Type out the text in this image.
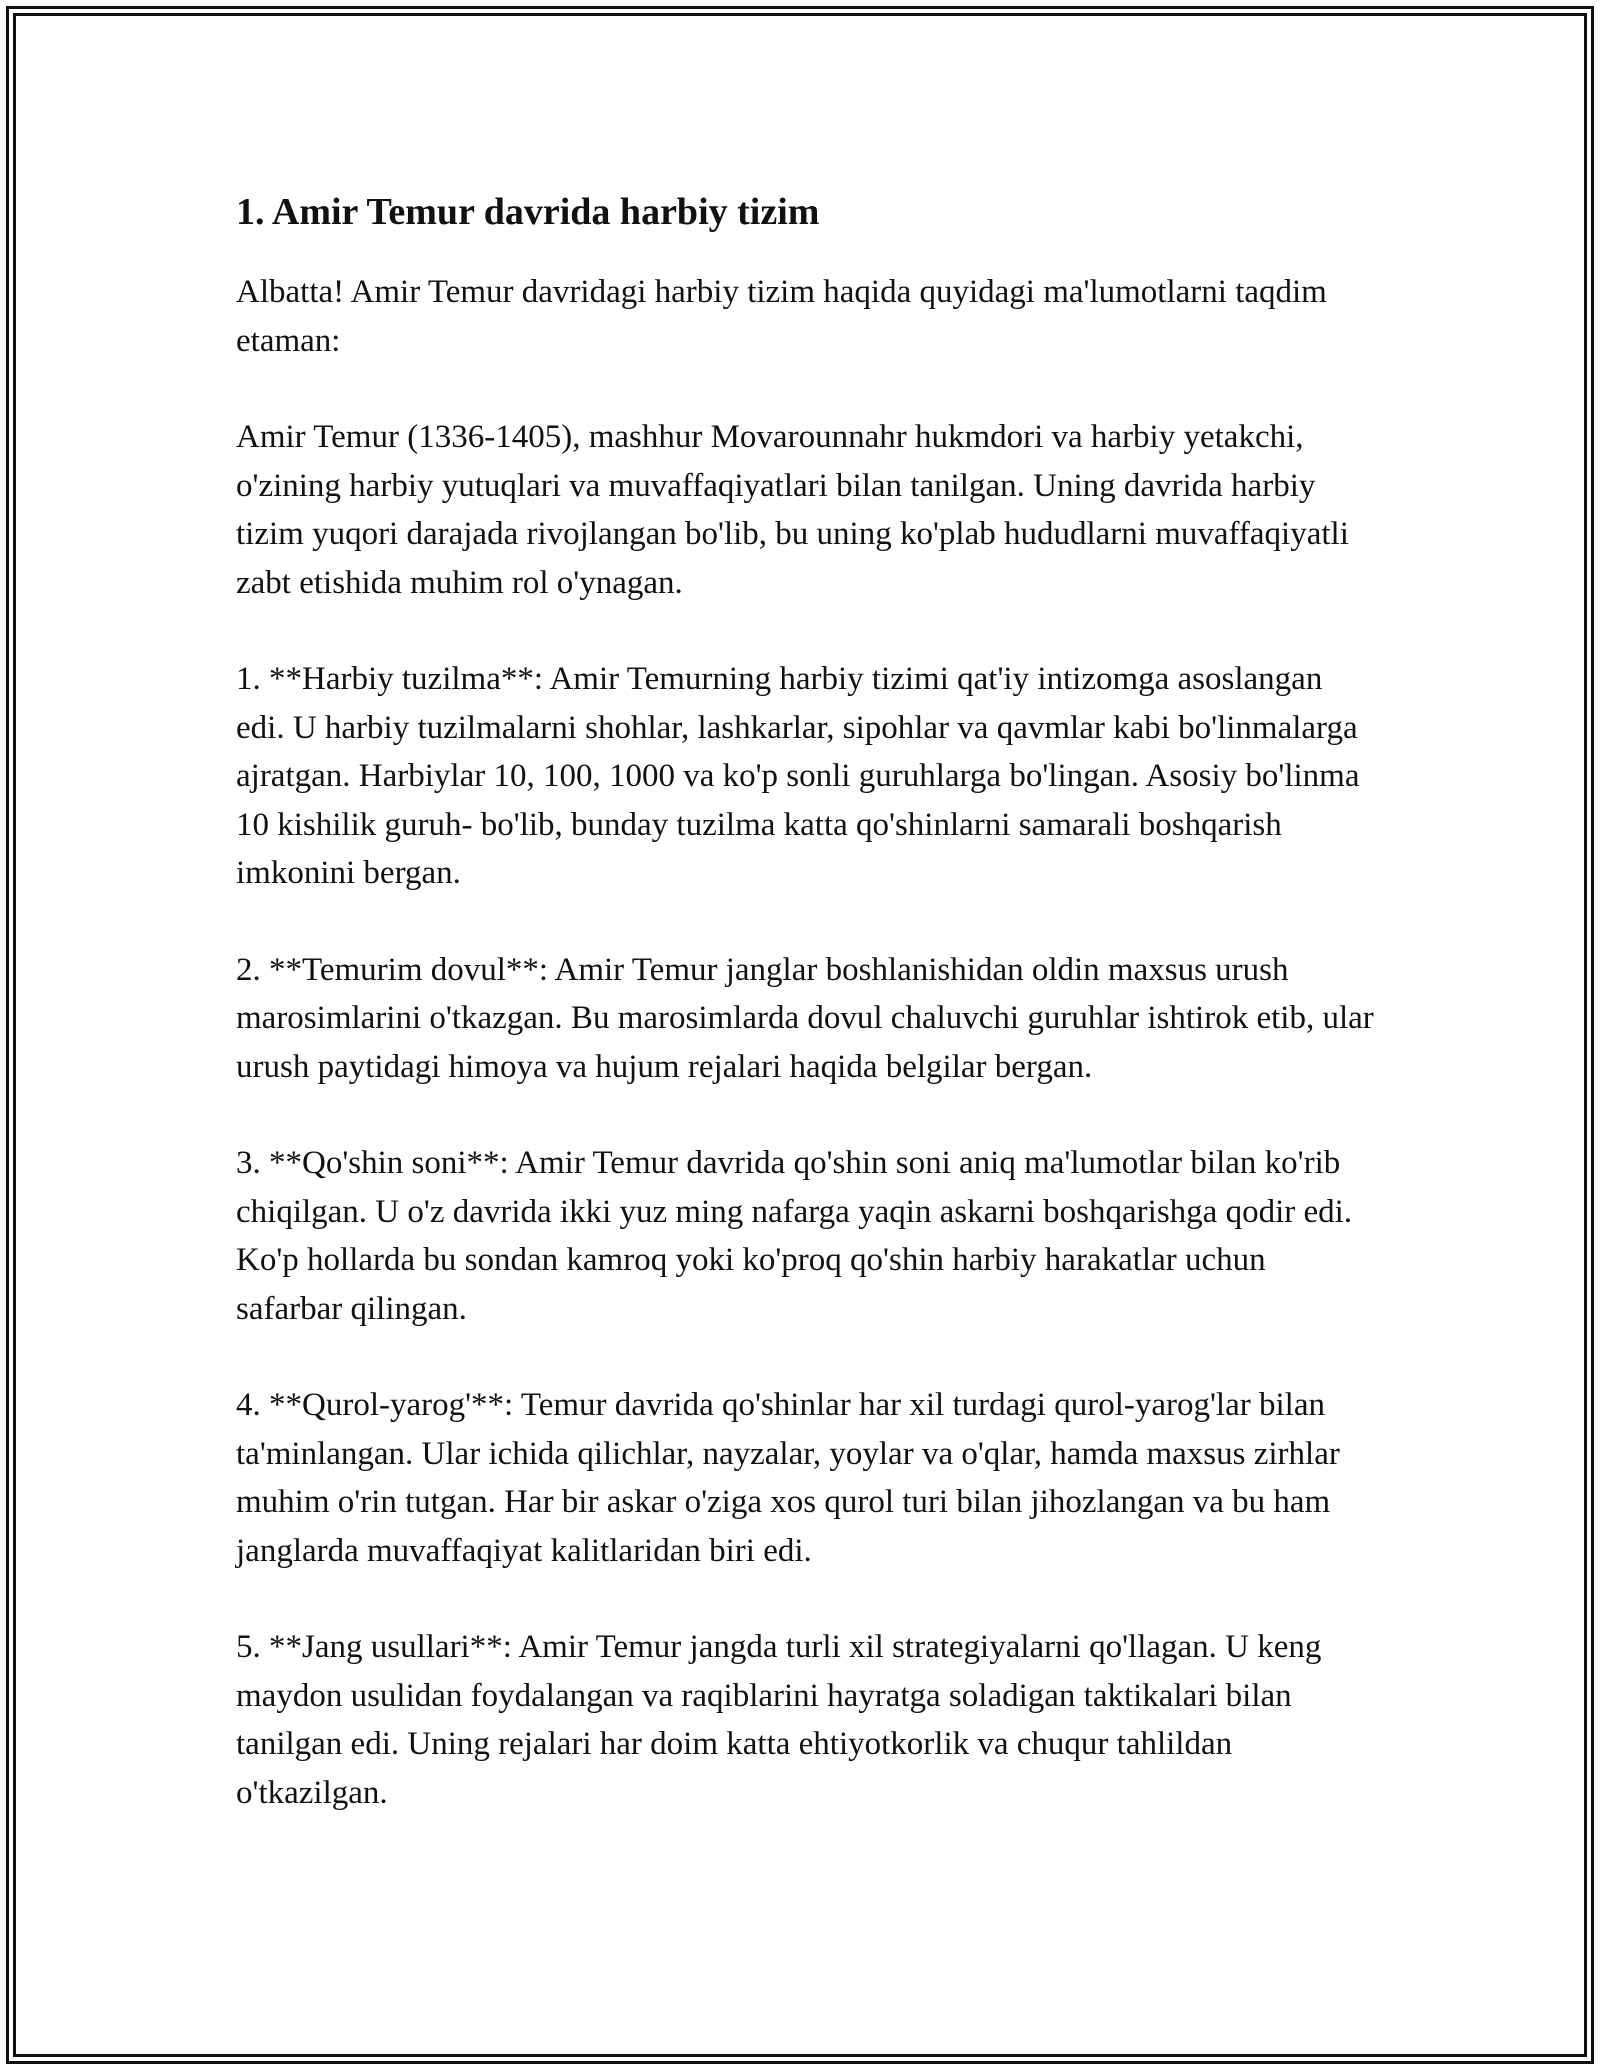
1. Amir Temur davrida harbiy tizim

Albatta! Amir Temur davridagi harbiy tizim haqida quyidagi ma'lumotlarni taqdim etaman:

Amir Temur (1336-1405), mashhur Movarounnahr hukmdori va harbiy yetakchi, o'zining harbiy yutuqlari va muvaffaqiyatlari bilan tanilgan. Uning davrida harbiy tizim yuqori darajada rivojlangan bo'lib, bu uning ko'plab hududlarni muvaffaqiyatli zabt etishida muhim rol o'ynagan.

1. **Harbiy tuzilma**: Amir Temurning harbiy tizimi qat'iy intizomga asoslangan edi. U harbiy tuzilmalarni shohlar, lashkarlar, sipohlar va qavmlar kabi bo'linmalarga ajratgan. Harbiylar 10, 100, 1000 va ko'p sonli guruhlarga bo'lingan. Asosiy bo'linma 10 kishilik guruh- bo'lib, bunday tuzilma katta qo'shinlarni samarali boshqarish imkonini bergan.

2. **Temurim dovul**: Amir Temur janglar boshlanishidan oldin maxsus urush marosimlarini o'tkazgan. Bu marosimlarda dovul chaluvchi guruhlar ishtirok etib, ular urush paytidagi himoya va hujum rejalari haqida belgilar bergan.

3. **Qo'shin soni**: Amir Temur davrida qo'shin soni aniq ma'lumotlar bilan ko'rib chiqilgan. U o'z davrida ikki yuz ming nafarga yaqin askarni boshqarishga qodir edi. Ko'p hollarda bu sondan kamroq yoki ko'proq qo'shin harbiy harakatlar uchun safarbar qilingan.

4. **Qurol-yarog'**: Temur davrida qo'shinlar har xil turdagi qurol-yarog'lar bilan ta'minlangan. Ular ichida qilichlar, nayzalar, yoylar va o'qlar, hamda maxsus zirhlar muhim o'rin tutgan. Har bir askar o'ziga xos qurol turi bilan jihozlangan va bu ham janglarda muvaffaqiyat kalitlaridan biri edi.

5. **Jang usullari**: Amir Temur jangda turli xil strategiyalarni qo'llagan. U keng maydon usulidan foydalangan va raqiblarini hayratga soladigan taktikalari bilan tanilgan edi. Uning rejalari har doim katta ehtiyotkorlik va chuqur tahlildan o'tkazilgan.
